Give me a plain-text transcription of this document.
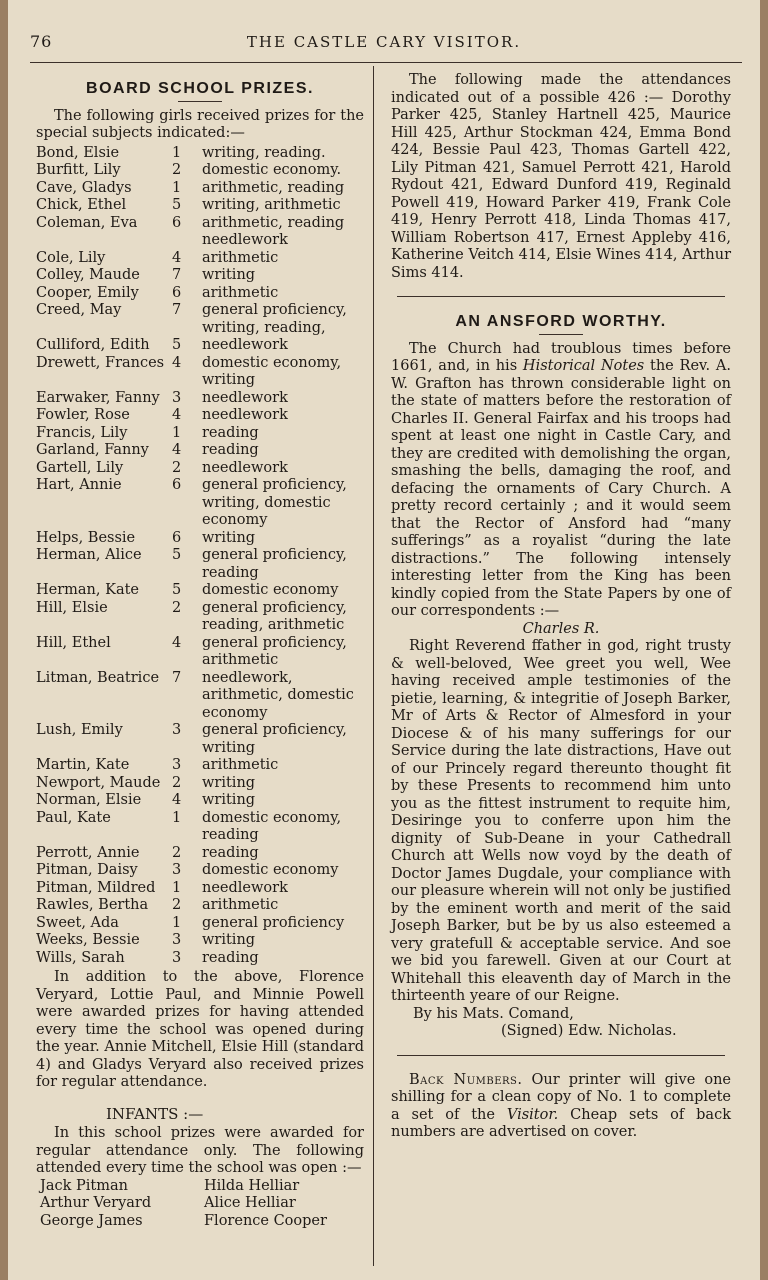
76	THE CASTLE CARY VISITOR.
BOARD SCHOOL PRIZES.

The following girls received prizes for the special subjects indicated:—

Bond, Elsie	1	writing, reading.
Burfitt, Lily	2	domestic economy.
Cave, Gladys	1	arithmetic, reading
Chick, Ethel	5	writing, arithmetic
Coleman, Eva	6	arithmetic, reading needlework
Cole, Lily	4	arithmetic
Colley, Maude	7	writing
Cooper, Emily	6	arithmetic
Creed, May	7	general proficiency, writing, reading,
Culliford, Edith	5	needlework
Drewett, Frances 4	domestic economy, writing
Earwaker, Fanny 3	needlework
Fowler, Rose	4	needlework
Francis, Lily	1	reading
Garland, Fanny	4	reading
Gartell, Lily	2	needlework
Hart, Annie	6	general proficiency, writing, domestic economy
Helps, Bessie	6	writing
Herman, Alice	5	general proficiency, reading
Herman, Kate	5	domestic economy
Hill, Elsie	2	general proficiency, reading, arithmetic
Hill, Ethel	4	general proficiency, arithmetic
Litman, Beatrice 7	needlework, arithmetic, domestic economy
Lush, Emily	3	general proficiency, writing
Martin, Kate	3	arithmetic
Newport, Maude 2	writing
Norman, Elsie	4	writing
Paul, Kate	1	domestic economy, reading
Perrott, Annie	2	reading
Pitman, Daisy	3	domestic economy
Pitman, Mildred	1	needlework
Rawles, Bertha	2	arithmetic
Sweet, Ada	1	general proficiency
Weeks, Bessie	3	writing
Wills, Sarah	3	reading

In addition to the above, Florence Veryard, Lottie Paul, and Minnie Powell were awarded prizes for having attended every time the school was opened during the year. Annie Mitchell, Elsie Hill (standard 4) and Gladys Veryard also received prizes for regular attendance.

INFANTS :—

In this school prizes were awarded for regular attendance only. The following attended every time the school was open :—

Jack Pitman
Arthur Veryard
George James
Hilda Helliar
Alice Helliar
Florence Cooper

The following made the attendances indicated out of a possible 426 :— Dorothy Parker 425, Stanley Hartnell 425, Maurice Hill 425, Arthur Stockman 424, Emma Bond 424, Bessie Paul 423, Thomas Gartell 422, Lily Pitman 421, Samuel Perrott 421, Harold Rydout 421, Edward Dunford 419, Reginald Powell 419, Howard Parker 419, Frank Cole 419, Henry Perrott 418, Linda Thomas 417, William Robertson 417, Ernest Appleby 416, Katherine Veitch 414, Elsie Wines 414, Arthur Sims 414.

AN ANSFORD WORTHY.

The Church had troublous times before 1661, and, in his Historical Notes the Rev. A. W. Grafton has thrown considerable light on the state of matters before the restoration of Charles II. General Fairfax and his troops had spent at least one night in Castle Cary, and they are credited with demolishing the organ, smashing the bells, damaging the roof, and defacing the ornaments of Cary Church. A pretty record certainly ; and it would seem that the Rector of Ansford had “many sufferings” as a royalist “during the late distractions.” The following intensely interesting letter from the King has been kindly copied from the State Papers by one of our correspondents :—

Charles R.

Right Reverend ffather in god, right trusty & well-beloved, Wee greet you well, Wee having received ample testimonies of the pietie, learning, & integritie of Joseph Barker, Mr of Arts & Rector of Almesford in your Diocese & of his many sufferings for our Service during the late distractions, Have out of our Princely regard thereunto thought fit by these Presents to recommend him unto you as the fittest instrument to requite him, Desiringe you to conferre upon him the dignity of Sub-Deane in your Cathedrall Church att Wells now voyd by the death of Doctor James Dugdale, your compliance with our pleasure wherein will not only be justified by the eminent worth and merit of the said Joseph Barker, but be by us also esteemed a very gratefull & acceptable service. And soe we bid you farewell. Given at our Court at Whitehall this eleaventh day of March in the thirteenth yeare of our Reigne.

By his Mats. Comand,
(Signed) Edw. Nicholas.

Back Numbers. Our printer will give one shilling for a clean copy of No. 1 to complete a set of the Visitor. Cheap sets of back numbers are advertised on cover.
